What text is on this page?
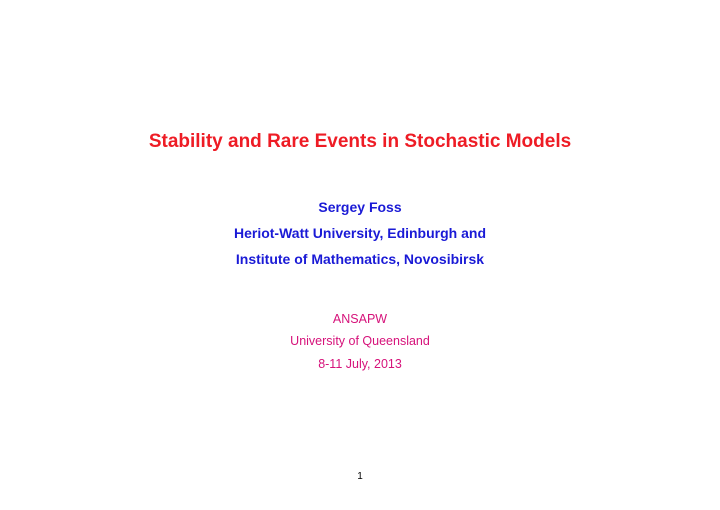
Stability and Rare Events in Stochastic Models
Sergey Foss
Heriot-Watt University, Edinburgh and
Institute of Mathematics, Novosibirsk
ANSAPW
University of Queensland
8-11 July, 2013
1
